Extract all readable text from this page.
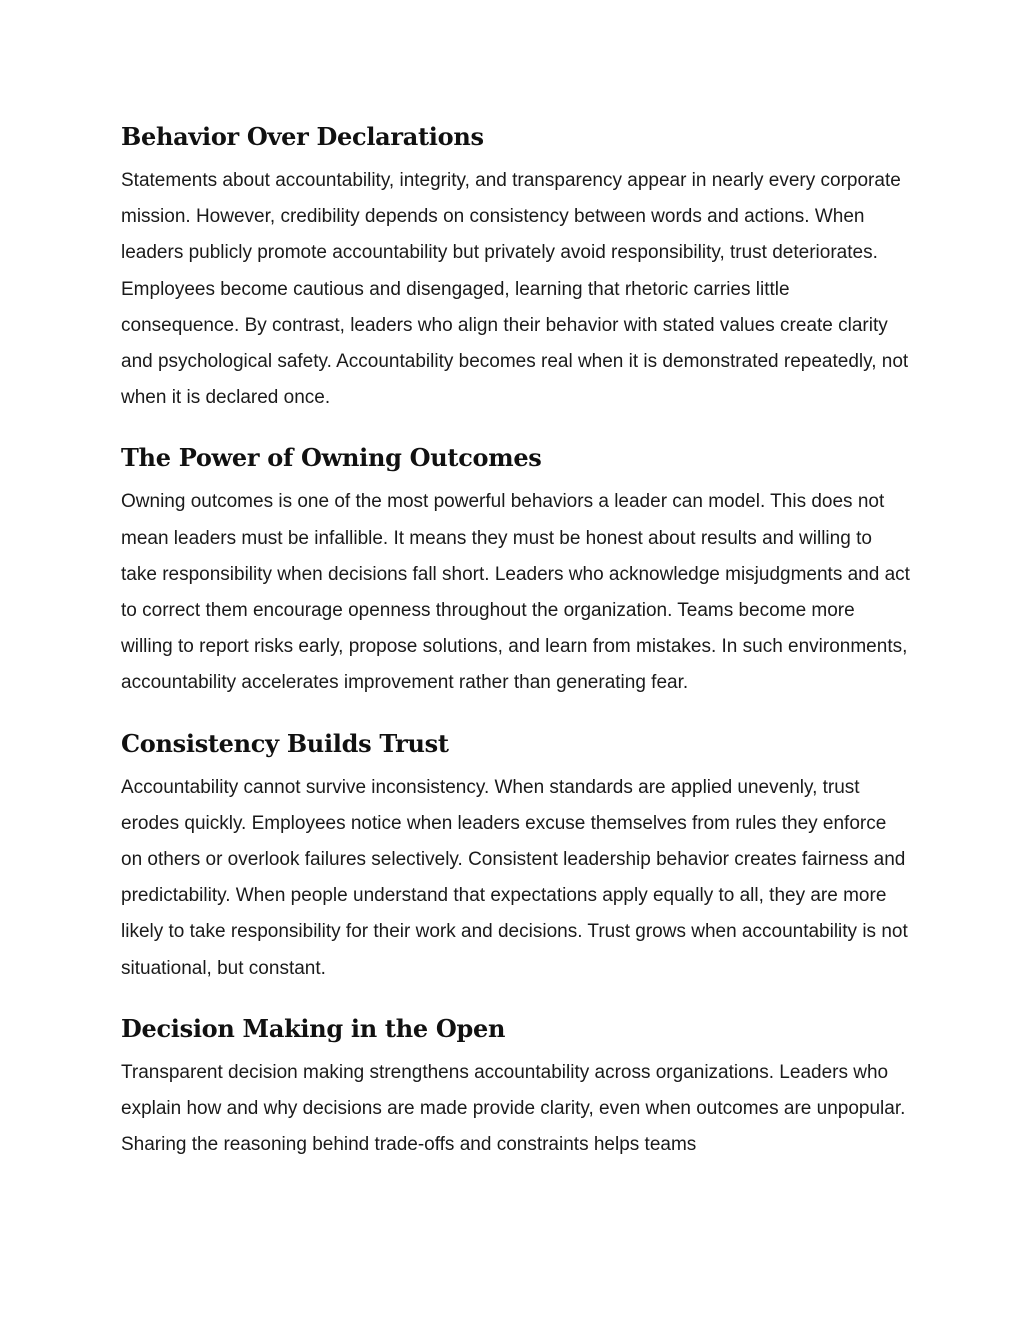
Behavior Over Declarations

Statements about accountability, integrity, and transparency appear in nearly every corporate mission. However, credibility depends on consistency between words and actions. When leaders publicly promote accountability but privately avoid responsibility, trust deteriorates. Employees become cautious and disengaged, learning that rhetoric carries little consequence. By contrast, leaders who align their behavior with stated values create clarity and psychological safety. Accountability becomes real when it is demonstrated repeatedly, not when it is declared once.

The Power of Owning Outcomes

Owning outcomes is one of the most powerful behaviors a leader can model. This does not mean leaders must be infallible. It means they must be honest about results and willing to take responsibility when decisions fall short. Leaders who acknowledge misjudgments and act to correct them encourage openness throughout the organization. Teams become more willing to report risks early, propose solutions, and learn from mistakes. In such environments, accountability accelerates improvement rather than generating fear.

Consistency Builds Trust

Accountability cannot survive inconsistency. When standards are applied unevenly, trust erodes quickly. Employees notice when leaders excuse themselves from rules they enforce on others or overlook failures selectively. Consistent leadership behavior creates fairness and predictability. When people understand that expectations apply equally to all, they are more likely to take responsibility for their work and decisions. Trust grows when accountability is not situational, but constant.

Decision Making in the Open

Transparent decision making strengthens accountability across organizations. Leaders who explain how and why decisions are made provide clarity, even when outcomes are unpopular. Sharing the reasoning behind trade-offs and constraints helps teams
